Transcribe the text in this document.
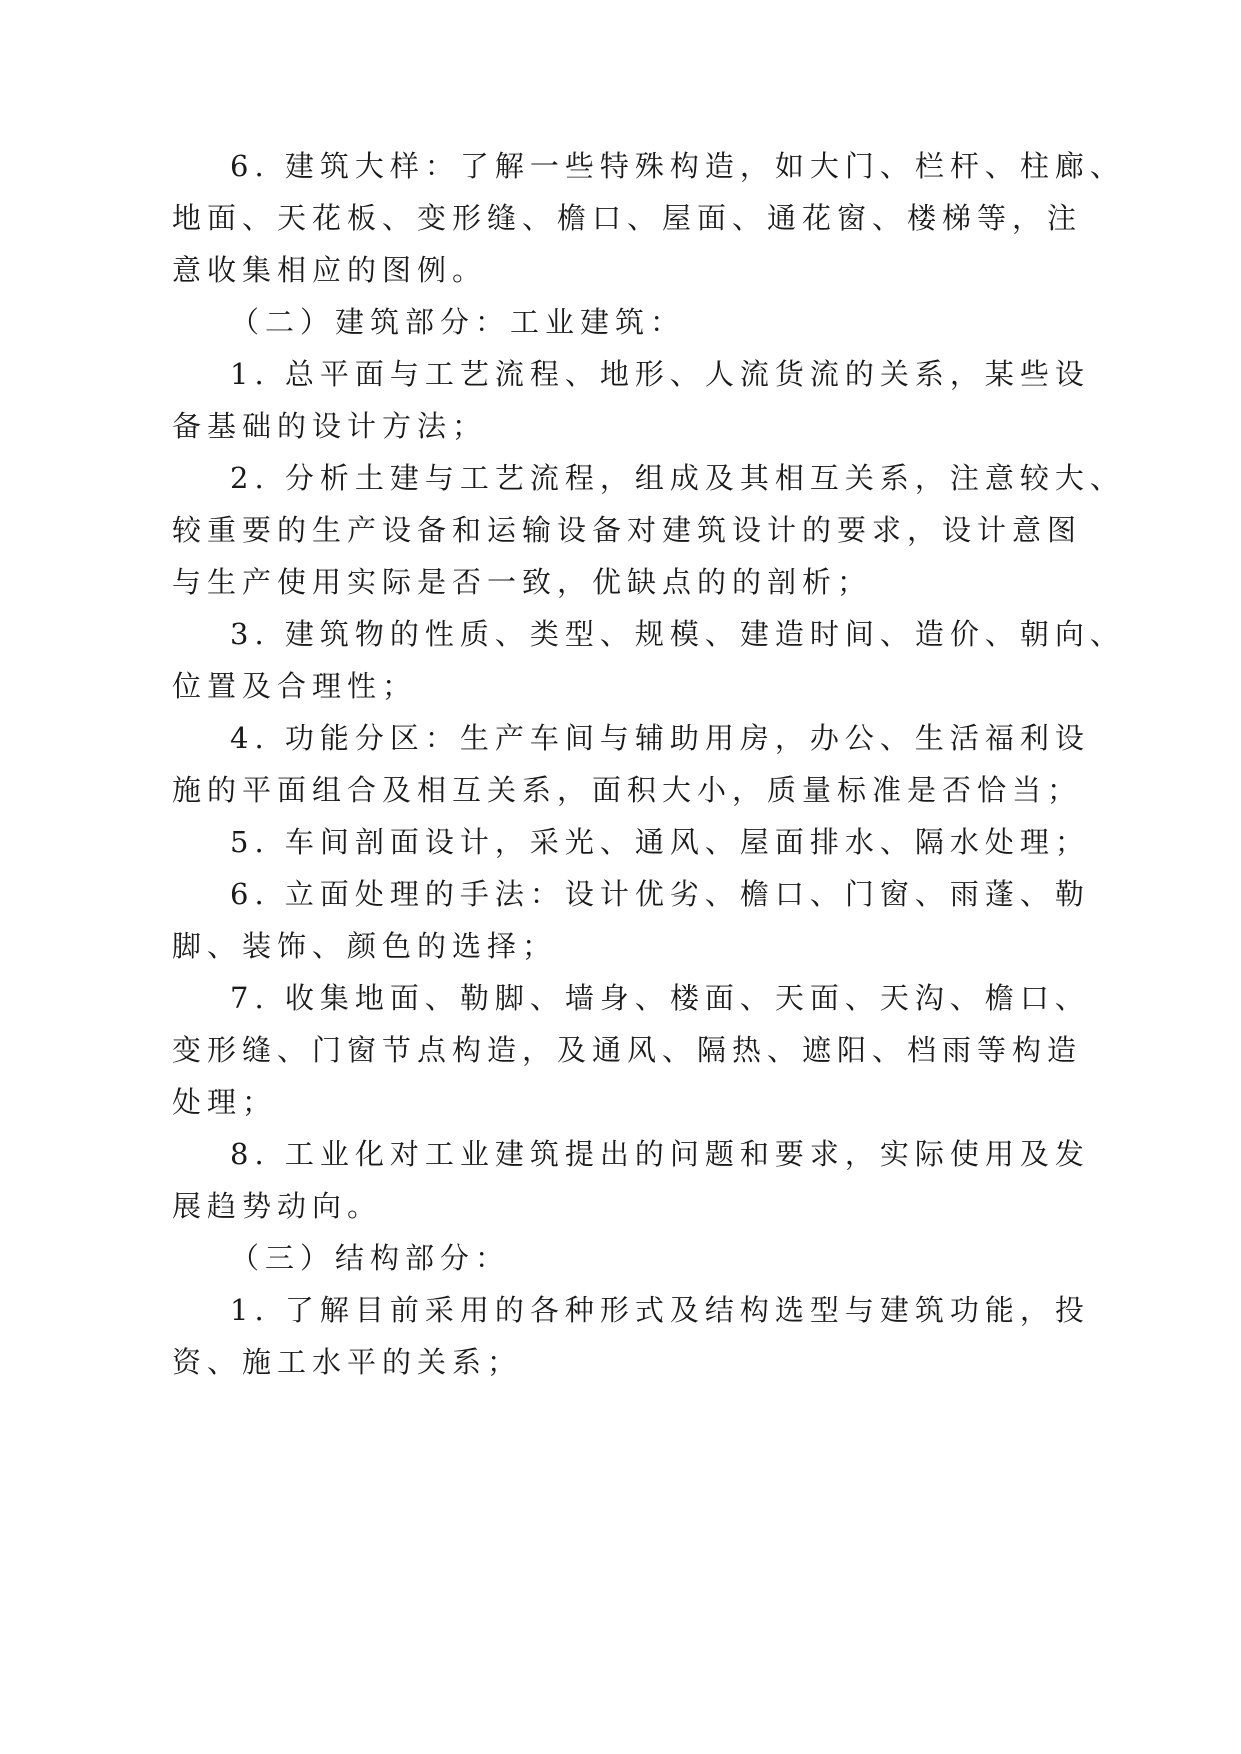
6. 建筑大样：了解一些特殊构造，如大门、栏杆、柱廊、
地面、天花板、变形缝、檐口、屋面、通花窗、楼梯等，注
意收集相应的图例。
（二）建筑部分：工业建筑：
1. 总平面与工艺流程、地形、人流货流的关系，某些设
备基础的设计方法；
2. 分析土建与工艺流程，组成及其相互关系，注意较大、
较重要的生产设备和运输设备对建筑设计的要求，设计意图
与生产使用实际是否一致，优缺点的的剖析；
3. 建筑物的性质、类型、规模、建造时间、造价、朝向、
位置及合理性；
4. 功能分区：生产车间与辅助用房，办公、生活福利设
施的平面组合及相互关系，面积大小，质量标准是否恰当；
5. 车间剖面设计，采光、通风、屋面排水、隔水处理；
6. 立面处理的手法：设计优劣、檐口、门窗、雨蓬、勒
脚、装饰、颜色的选择；
7. 收集地面、勒脚、墙身、楼面、天面、天沟、檐口、
变形缝、门窗节点构造，及通风、隔热、遮阳、档雨等构造
处理；
8. 工业化对工业建筑提出的问题和要求，实际使用及发
展趋势动向。
（三）结构部分：
1. 了解目前采用的各种形式及结构选型与建筑功能，投
资、施工水平的关系；
